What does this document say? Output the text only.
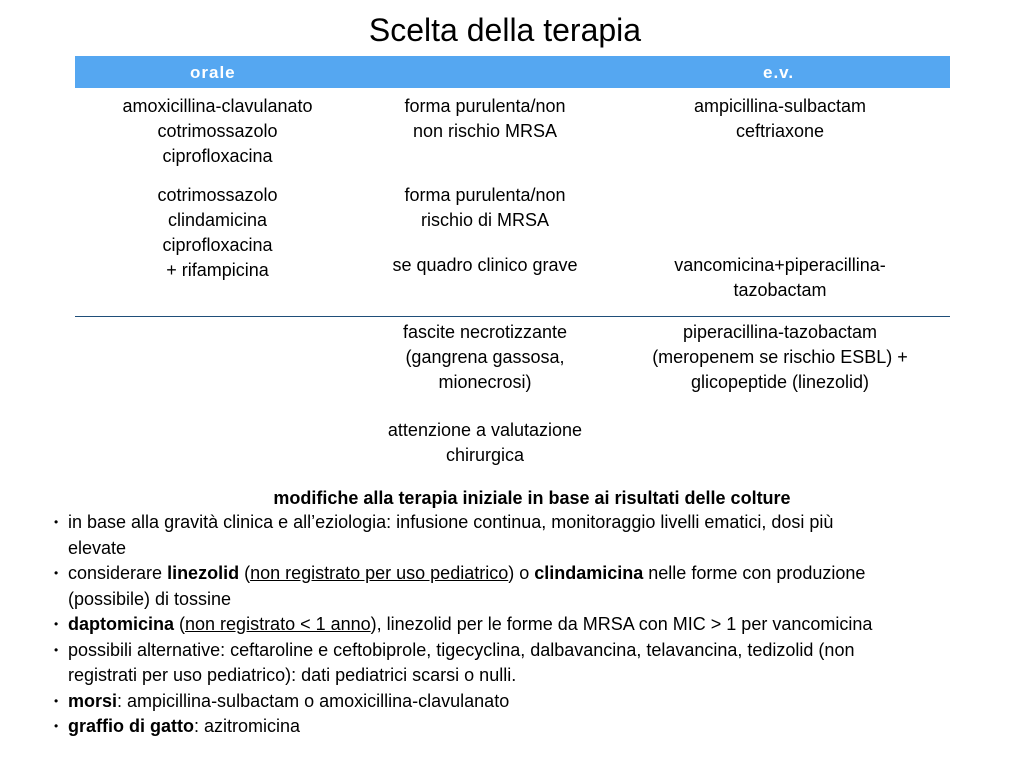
Scelta della terapia
orale	e.v.
amoxicillina-clavulanato
cotrimossazolo
ciprofloxacina
forma purulenta/non
non rischio MRSA
ampicillina-sulbactam
ceftriaxone
cotrimossazolo
clindamicina
ciprofloxacina
+ rifampicina
forma purulenta/non
rischio di MRSA
se quadro clinico grave	vancomicina+piperacillina-
tazobactam
fascite necrotizzante
(gangrena gassosa,
mionecrosi)
piperacillina-tazobactam
(meropenem se rischio ESBL) +
glicopeptide (linezolid)
attenzione a valutazione
chirurgica
modifiche alla terapia iniziale in base ai risultati delle colture
• in base alla gravità clinica e all’eziologia: infusione continua, monitoraggio livelli ematici, dosi più
elevate
• considerare linezolid (non registrato per uso pediatrico) o clindamicina nelle forme con produzione
(possibile) di tossine
• daptomicina (non registrato < 1 anno), linezolid per le forme da MRSA con MIC > 1 per vancomicina
• possibili alternative: ceftaroline e ceftobiprole, tigecyclina, dalbavancina, telavancina, tedizolid (non
registrati per uso pediatrico): dati pediatrici scarsi o nulli.
• morsi: ampicillina-sulbactam o amoxicillina-clavulanato
• graffio di gatto: azitromicina
